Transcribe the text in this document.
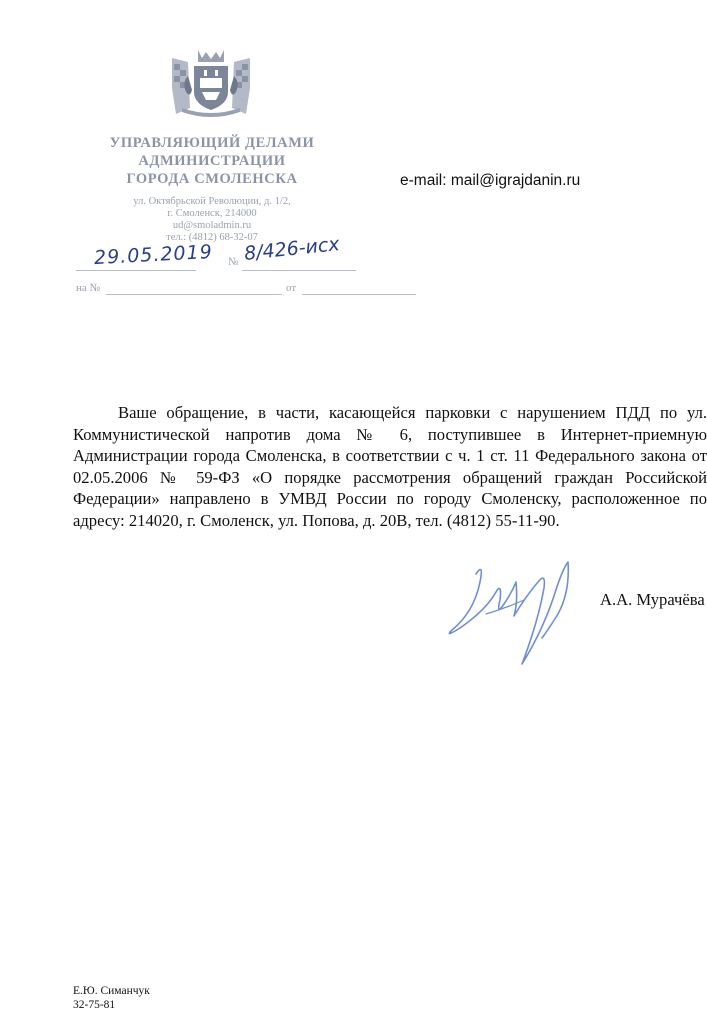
УПРАВЛЯЮЩИЙ ДЕЛАМИ
АДМИНИСТРАЦИИ
ГОРОДА СМОЛЕНСКА
ул. Октябрьской Революции, д. 1/2,
г. Смоленск, 214000
ud@smoladmin.ru
тел.: (4812) 68-32-07
29.05.2019 № 8/426-исх
на №	от
e-mail: mail@igrajdanin.ru

Ваше обращение, в части, касающейся парковки с нарушением ПДД по ул. Коммунистической напротив дома № 6, поступившее в Интернет-приемную Администрации города Смоленска, в соответствии с ч. 1 ст. 11 Федерального закона от 02.05.2006 № 59-ФЗ «О порядке рассмотрения обращений граждан Российской Федерации» направлено в УМВД России по городу Смоленску, расположенное по адресу: 214020, г. Смоленск, ул. Попова, д. 20В, тел. (4812) 55-11-90.

А.А. Мурачёва
Е.Ю. Симанчук
32-75-81
